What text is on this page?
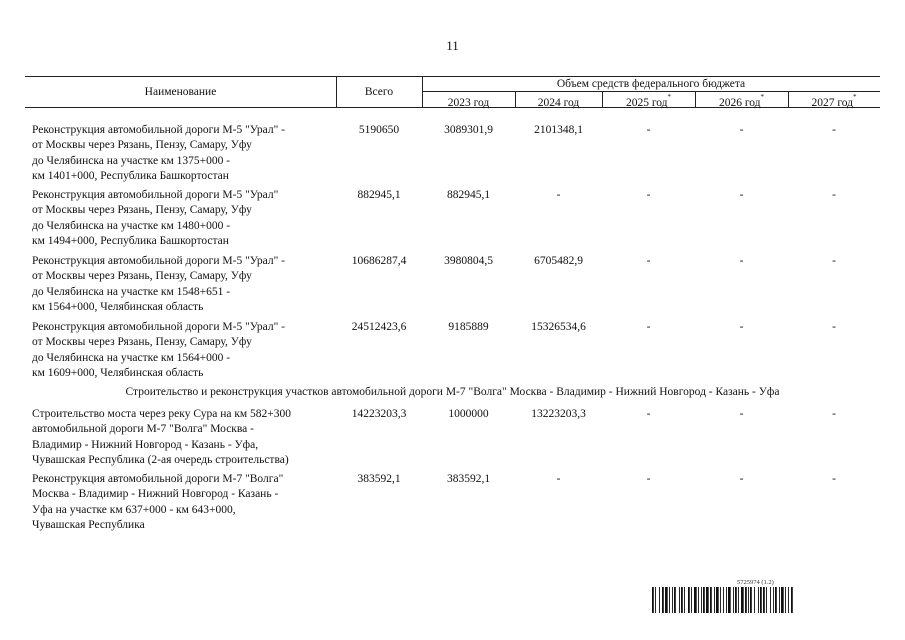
11
Наименование	Всего
Объем средств федерального бюджета
2023 год	2024 год	2025 год*	2026 год*	2027 год*
Реконструкция автомобильной дороги М-5 "Урал" -
от Москвы через Рязань, Пензу, Самару, Уфу
до Челябинска на участке км 1375+000 -
км 1401+000, Республика Башкортостан
5190650	3089301,9	2101348,1	-	-	-
Реконструкция автомобильной дороги М-5 "Урал"
от Москвы через Рязань, Пензу, Самару, Уфу
до Челябинска на участке км 1480+000 -
км 1494+000, Республика Башкортостан
882945,1	882945,1	-	-	-	-
Реконструкция автомобильной дороги М-5 "Урал" -
от Москвы через Рязань, Пензу, Самару, Уфу
до Челябинска на участке км 1548+651 -
км 1564+000, Челябинская область
10686287,4	3980804,5	6705482,9	-	-	-
Реконструкция автомобильной дороги М-5 "Урал" -
от Москвы через Рязань, Пензу, Самару, Уфу
до Челябинска на участке км 1564+000 -
км 1609+000, Челябинская область
24512423,6	9185889	15326534,6	-	-	-
Строительство и реконструкция участков автомобильной дороги М-7 "Волга" Москва - Владимир - Нижний Новгород - Казань - Уфа
Строительство моста через реку Сура на км 582+300
автомобильной дороги М-7 "Волга" Москва -
Владимир - Нижний Новгород - Казань - Уфа,
Чувашская Республика (2-ая очередь строительства)
14223203,3	1000000	13223203,3	-	-	-
Реконструкция автомобильной дороги М-7 "Волга"
Москва - Владимир - Нижний Новгород - Казань -
Уфа на участке км 637+000 - км 643+000,
Чувашская Республика
383592,1	383592,1	-	-	-	-
5725974 (1.2)
